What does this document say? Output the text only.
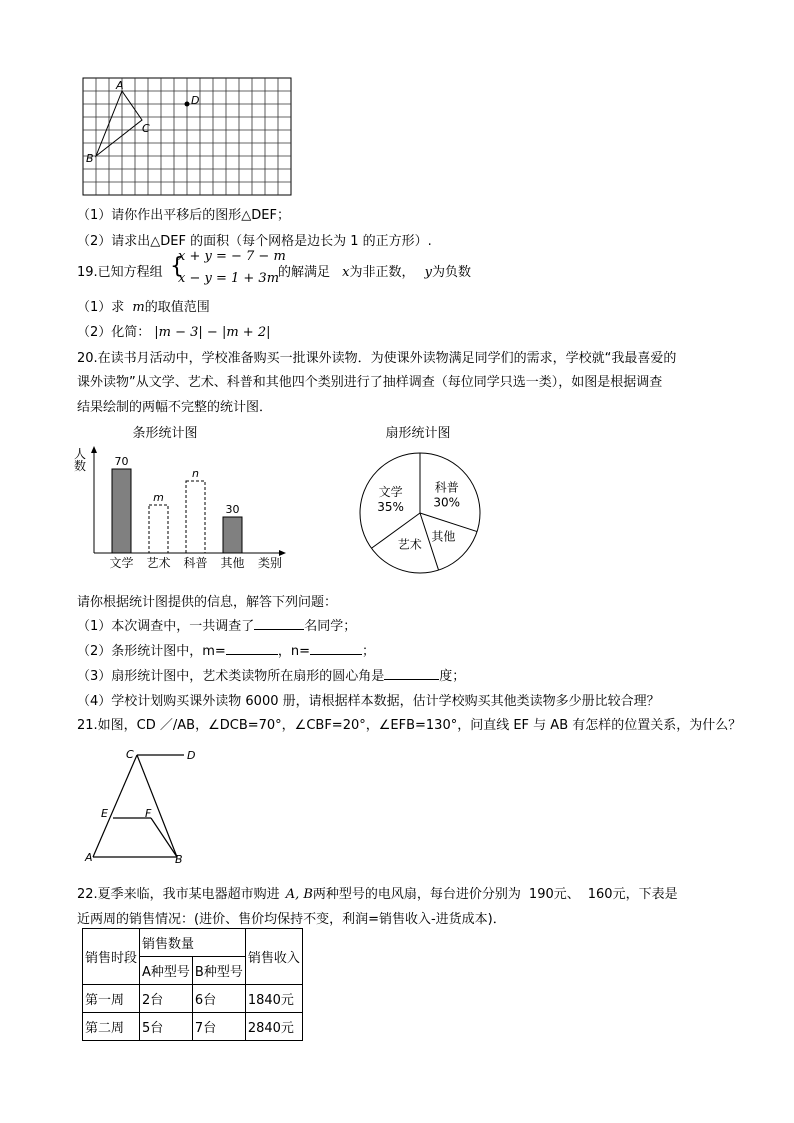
A
B
C
D
（1）请你作出平移后的图形△DEF；
（2）请求出△DEF 的面积（每个网格是边长为 1 的正方形）.
19.已知方程组 {
x + y = − 7 − m
x − y = 1 + 3m
的解满足 x为非正数， y为负数
（1）求 m的取值范围
（2）化简： |m − 3| − |m + 2|
20.在读书月活动中，学校准备购买一批课外读物．为使课外读物满足同学们的需求，学校就“我最喜爱的
课外读物”从文学、艺术、科普和其他四个类别进行了抽样调查（每位同学只选一类），如图是根据调查
结果绘制的两幅不完整的统计图．
条形统计图
人
数
类别
70
文学
m
艺术
n
科普
30
其他
扇形统计图
文学
35%
科普
30%
其他
艺术
请你根据统计图提供的信息，解答下列问题：
（1）本次调查中，一共调查了	名同学；
（2）条形统计图中，m=	，n=	；
（3）扇形统计图中，艺术类读物所在扇形的圆心角是	度；
（4）学校计划购买课外读物 6000 册，请根据样本数据，估计学校购买其他类读物多少册比较合理？
21.如图，CD ／/AB，∠DCB=70°，∠CBF=20°，∠EFB=130°，问直线 EF 与 AB 有怎样的位置关系，为什么？
C	D
E	F
A	B
22.夏季来临，我市某电器超市购进 A, B两种型号的电风扇，每台进价分别为 190元、 160元，下表是
近两周的销售情况：(进价、售价均保持不变，利润=销售收入-进货成本)．
销售时段	销售数量		销售收入
	A种型号	B种型号	
第一周	2台	6台	1840元
第二周	5台	7台	2840元
